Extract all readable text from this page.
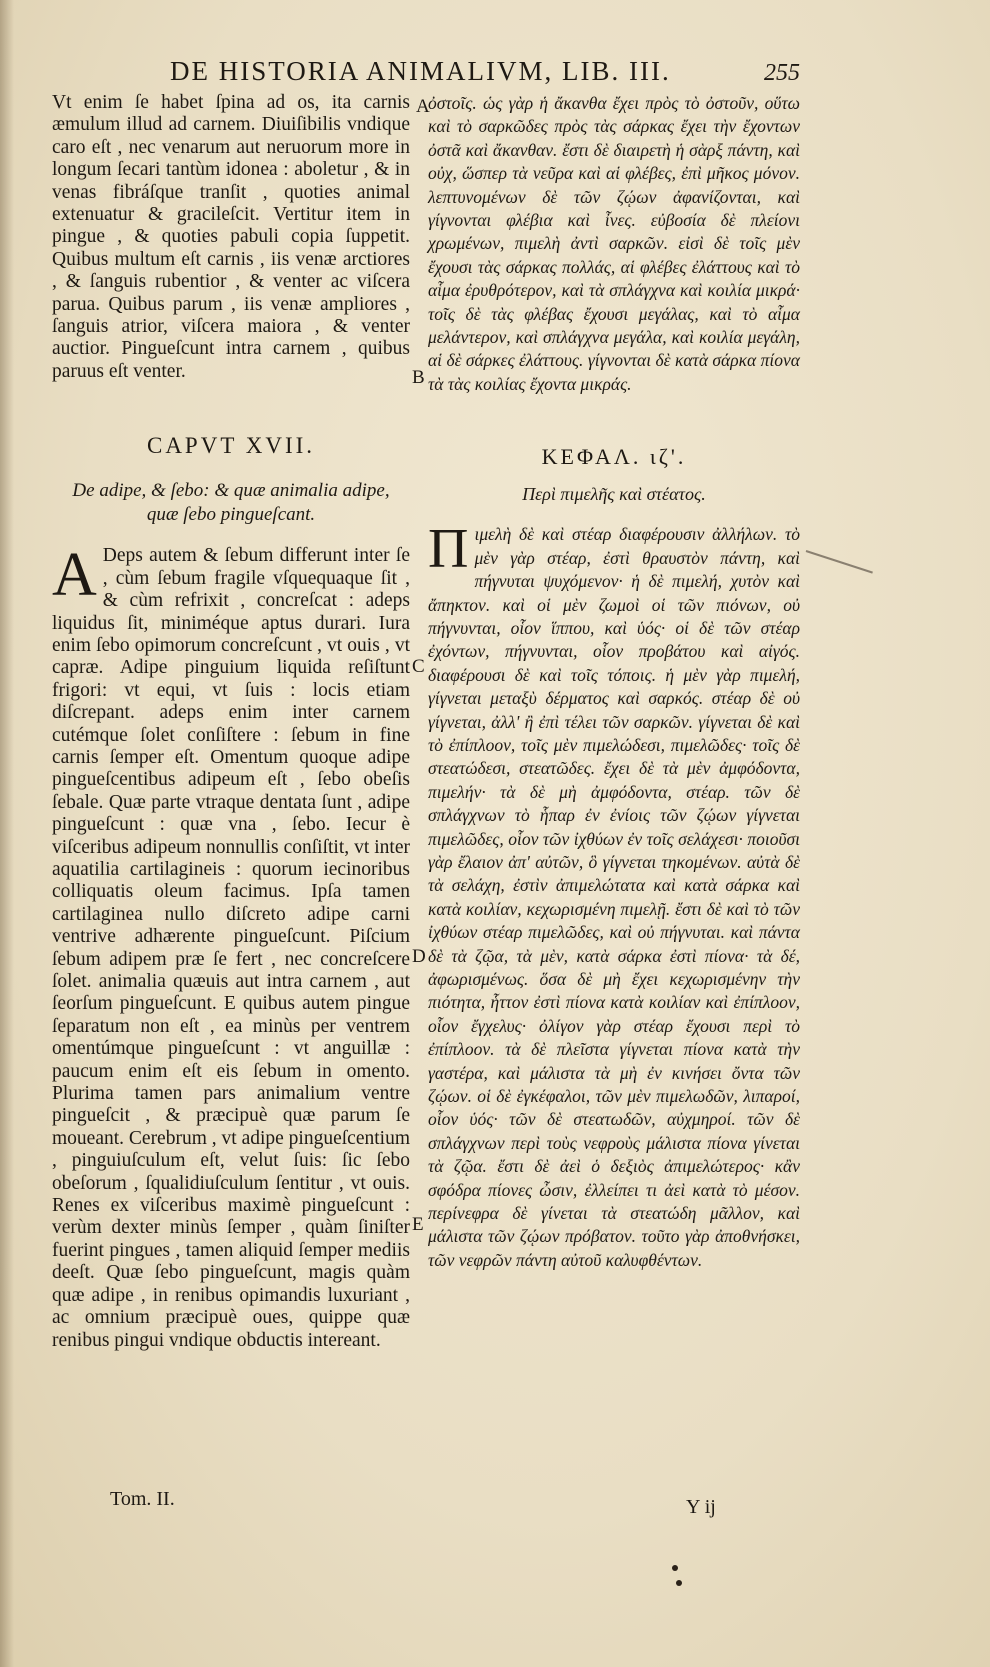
DE HISTORIA ANIMALIVM, LIB. III.	255

Vt enim ſe habet ſpina ad os, ita carnis æmulum illud ad carnem. Diuiſibilis vndique caro eſt , nec venarum aut neruorum more in longum ſecari tantùm idonea : aboletur , & in venas fibráſque tranſit , quoties animal extenuatur & gracileſcit. Vertitur item in pingue , & quoties pabuli copia ſuppetit. Quibus multum eſt carnis , iis venæ arctiores , & ſanguis rubentior , & venter ac viſcera parua. Quibus parum , iis venæ ampliores , ſanguis atrior, viſcera maiora , & venter auctior. Pingueſcunt intra carnem , quibus paruus eſt venter.

CAPVT XVII.
De adipe, & ſebo: & quæ animalia adipe, quæ ſebo pingueſcant.

A Deps autem & ſebum differunt inter ſe , cùm ſebum fragile vſquequaque ſit , & cùm refrixit , concreſcat : adeps liquidus ſit, miniméque aptus durari. Iura enim ſebo opimorum concreſcunt , vt ouis , vt capræ. Adipe pinguium liquida reſiſtunt frigori: vt equi, vt ſuis : locis etiam diſcrepant. adeps enim inter carnem cutémque ſolet conſiſtere : ſebum in fine carnis ſemper eſt. Omentum quoque adipe pingueſcentibus adipeum eſt , ſebo obeſis ſebale. Quæ parte vtraque dentata ſunt , adipe pingueſcunt : quæ vna , ſebo. Iecur è viſceribus adipeum nonnullis conſiſtit, vt inter aquatilia cartilagineis : quorum iecinoribus colliquatis oleum facimus. Ipſa tamen cartilaginea nullo diſcreto adipe carni ventrive adhærente pingueſcunt. Piſcium ſebum adipem præ ſe fert , nec concreſcere ſolet. animalia quæuis aut intra carnem , aut ſeorſum pingueſcunt. E quibus autem pingue ſeparatum non eſt , ea minùs per ventrem omentúmque pingueſcunt : vt anguillæ : paucum enim eſt eis ſebum in omento. Plurima tamen pars animalium ventre pingueſcit , & præcipuè quæ parum ſe moueant. Cerebrum , vt adipe pingueſcentium , pinguiuſculum eſt, velut ſuis: ſic ſebo obeſorum , ſqualidiuſculum ſentitur , vt ouis. Renes ex viſceribus maximè pingueſcunt : verùm dexter minùs ſemper , quàm ſiniſter fuerint pingues , tamen aliquid ſemper mediis deeſt. Quæ ſebo pingueſcunt, magis quàm quæ adipe , in renibus opimandis luxuriant , ac omnium præcipuè oues, quippe quæ renibus pingui vndique obductis intereant.

ὀστοῖς. ὡς γὰρ ἡ ἄκανθα ἔχει πρὸς τὸ ὀστοῦν, οὕτω καὶ τὸ σαρκῶδες πρὸς τὰς σάρκας ἔχει τὴν ἔχοντων ὀστᾶ καὶ ἄκανθαν. ἔστι δὲ διαιρετὴ ἡ σὰρξ πάντη, καὶ οὐχ, ὥσπερ τὰ νεῦρα καὶ αἱ φλέβες, ἐπὶ μῆκος μόνον. λεπτυνομένων δὲ τῶν ζῴων ἀφανίζονται, καὶ γίγνονται φλέβια καὶ ἶνες. εὐβοσία δὲ πλείονι χρωμένων, πιμελὴ ἀντὶ σαρκῶν. εἰσὶ δὲ τοῖς μὲν ἔχουσι τὰς σάρκας πολλάς, αἱ φλέβες ἐλάττους καὶ τὸ αἷμα ἐρυθρότερον, καὶ τὰ σπλάγχνα καὶ κοιλία μικρά· τοῖς δὲ τὰς φλέβας ἔχουσι μεγάλας, καὶ τὸ αἷμα μελάντερον, καὶ σπλάγχνα μεγάλα, καὶ κοιλία μεγάλη, αἱ δὲ σάρκες ἐλάττους. γίγνονται δὲ κατὰ σάρκα πίονα τὰ τὰς κοιλίας ἔχοντα μικράς.

ΚΕΦΑΛ. ιζ'.
Περὶ πιμελῆς καὶ στέατος.

Πιμελὴ δὲ καὶ στέαρ διαφέρουσιν ἀλλήλων. τὸ μὲν γὰρ στέαρ, ἐστὶ θραυστὸν πάντη, καὶ πήγνυται ψυχόμενον· ἡ δὲ πιμελή, χυτὸν καὶ ἄπηκτον. καὶ οἱ μὲν ζωμοὶ οἱ τῶν πιόνων, οὐ πήγνυνται, οἷον ἵππου, καὶ ὑός· οἱ δὲ τῶν στέαρ ἐχόντων, πήγνυνται, οἷον προβάτου καὶ αἰγός. διαφέρουσι δὲ καὶ τοῖς τόποις. ἡ μὲν γὰρ πιμελή, γίγνεται μεταξὺ δέρματος καὶ σαρκός. στέαρ δὲ οὐ γίγνεται, ἀλλ' ἢ ἐπὶ τέλει τῶν σαρκῶν. γίγνεται δὲ καὶ τὸ ἐπίπλοον, τοῖς μὲν πιμελώδεσι, πιμελῶδες· τοῖς δὲ στεατώδεσι, στεατῶδες. ἔχει δὲ τὰ μὲν ἀμφόδοντα, πιμελήν· τὰ δὲ μὴ ἀμφόδοντα, στέαρ. τῶν δὲ σπλάγχνων τὸ ἧπαρ ἐν ἐνίοις τῶν ζῴων γίγνεται πιμελῶδες, οἷον τῶν ἰχθύων ἐν τοῖς σελάχεσι· ποιοῦσι γὰρ ἔλαιον ἀπ' αὐτῶν, ὃ γίγνεται τηκομένων. αὐτὰ δὲ τὰ σελάχη, ἐστὶν ἀπιμελώτατα καὶ κατὰ σάρκα καὶ κατὰ κοιλίαν, κεχωρισμένη πιμελῇ. ἔστι δὲ καὶ τὸ τῶν ἰχθύων στέαρ πιμελῶδες, καὶ οὐ πήγνυται. καὶ πάντα δὲ τὰ ζῷα, τὰ μὲν, κατὰ σάρκα ἐστὶ πίονα· τὰ δέ, ἀφωρισμένως. ὅσα δὲ μὴ ἔχει κεχωρισμένην τὴν πιότητα, ἧττον ἐστὶ πίονα κατὰ κοιλίαν καὶ ἐπίπλοον, οἷον ἔγχελυς· ὀλίγον γὰρ στέαρ ἔχουσι περὶ τὸ ἐπίπλοον. τὰ δὲ πλεῖστα γίγνεται πίονα κατὰ τὴν γαστέρα, καὶ μάλιστα τὰ μὴ ἐν κινήσει ὄντα τῶν ζῴων. οἱ δὲ ἐγκέφαλοι, τῶν μὲν πιμελωδῶν, λιπαροί, οἷον ὑός· τῶν δὲ στεατωδῶν, αὐχμηροί. τῶν δὲ σπλάγχνων περὶ τοὺς νεφροὺς μάλιστα πίονα γίνεται τὰ ζῷα. ἔστι δὲ ἀεὶ ὁ δεξιὸς ἀπιμελώτερος· κἂν σφόδρα πίονες ὦσιν, ἐλλείπει τι ἀεὶ κατὰ τὸ μέσον. περίνεφρα δὲ γίνεται τὰ στεατώδη μᾶλλον, καὶ μάλιστα τῶν ζῴων πρόβατον. τοῦτο γὰρ ἀποθνήσκει, τῶν νεφρῶν πάντη αὐτοῦ καλυφθέντων.

A
B
C
D
E
Tom. II.	Y ij
